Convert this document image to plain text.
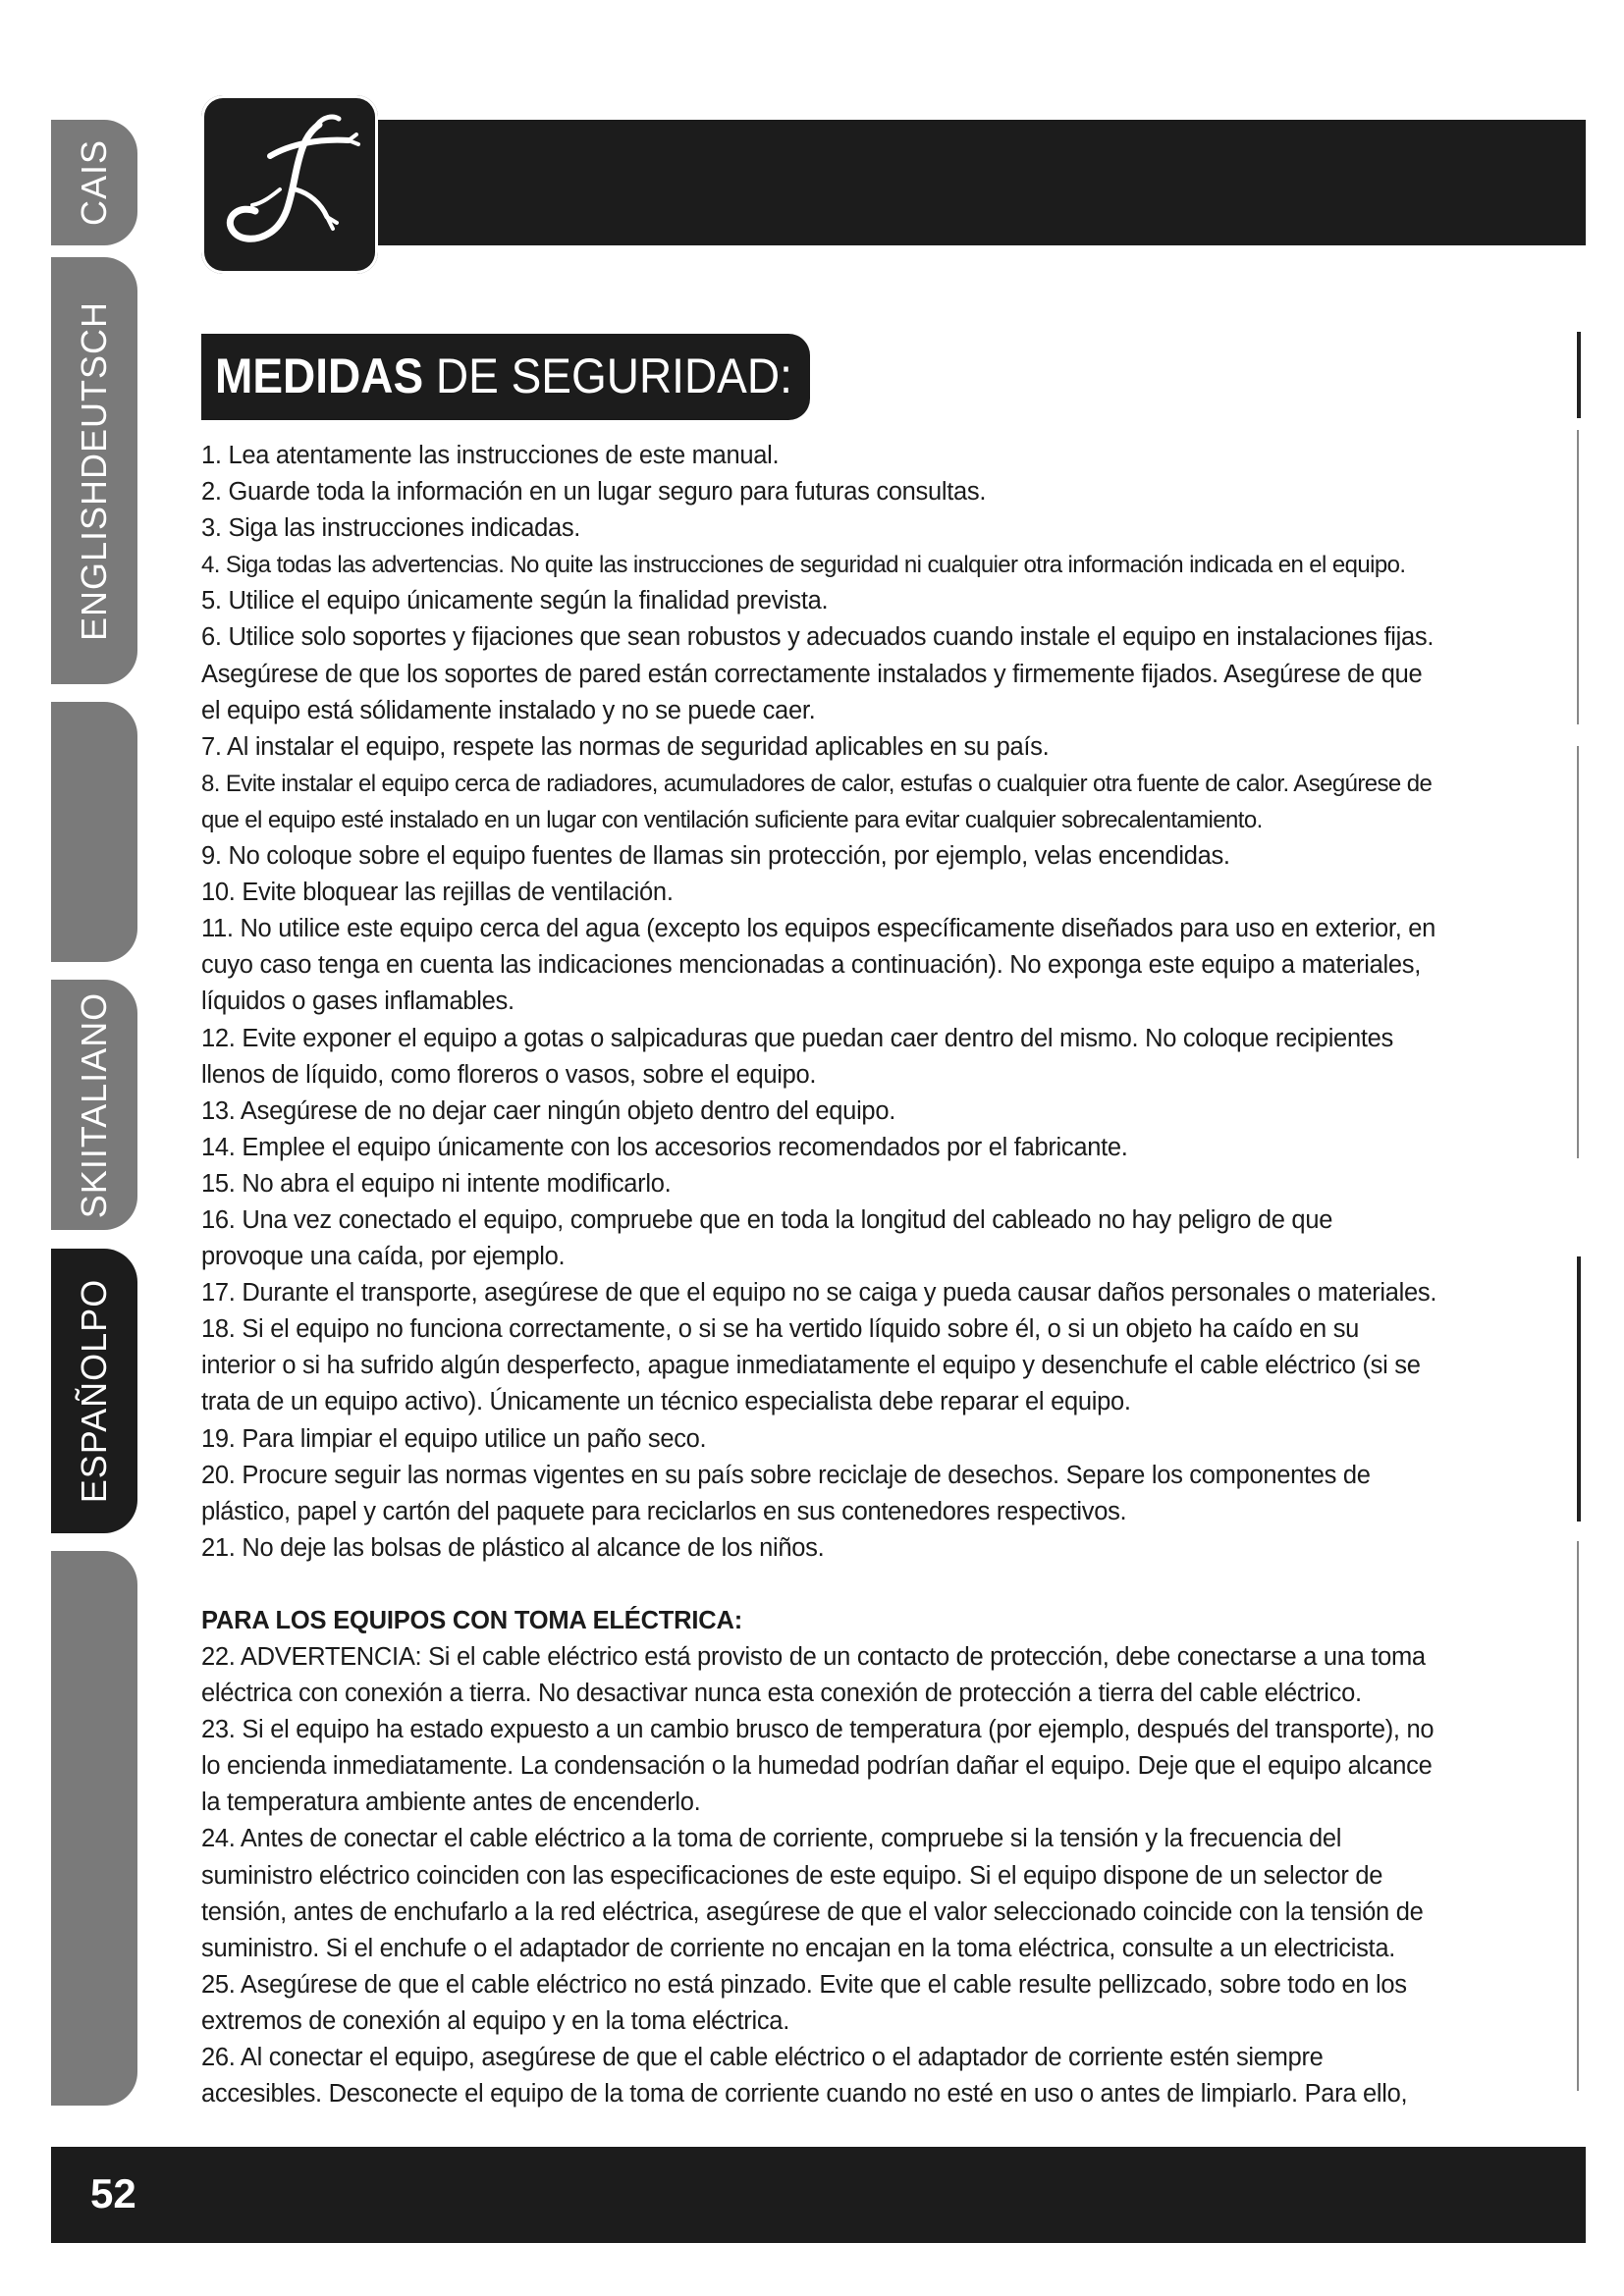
CAIS
ENGLISHDEUTSCH
SKIITALIANO
ESPAÑOLPO
MEDIDAS DE SEGURIDAD:

1. Lea atentamente las instrucciones de este manual.

2. Guarde toda la información en un lugar seguro para futuras consultas.

3. Siga las instrucciones indicadas.

4. Siga todas las advertencias. No quite las instrucciones de seguridad ni cualquier otra información indicada en el equipo.

5. Utilice el equipo únicamente según la finalidad prevista.

6. Utilice solo soportes y fijaciones que sean robustos y adecuados cuando instale el equipo en instalaciones fijas. Asegúrese de que los soportes de pared están correctamente instalados y firmemente fijados. Asegúrese de que el equipo está sólidamente instalado y no se puede caer.

7. Al instalar el equipo, respete las normas de seguridad aplicables en su país.

8. Evite instalar el equipo cerca de radiadores, acumuladores de calor, estufas o cualquier otra fuente de calor. Asegúrese de que el equipo esté instalado en un lugar con ventilación suficiente para evitar cualquier sobrecalentamiento.

9. No coloque sobre el equipo fuentes de llamas sin protección, por ejemplo, velas encendidas.

10. Evite bloquear las rejillas de ventilación.

11. No utilice este equipo cerca del agua (excepto los equipos específicamente diseñados para uso en exterior, en cuyo caso tenga en cuenta las indicaciones mencionadas a continuación). No exponga este equipo a materiales, líquidos o gases inflamables.

12. Evite exponer el equipo a gotas o salpicaduras que puedan caer dentro del mismo. No coloque recipientes llenos de líquido, como floreros o vasos, sobre el equipo.

13. Asegúrese de no dejar caer ningún objeto dentro del equipo.

14. Emplee el equipo únicamente con los accesorios recomendados por el fabricante.

15. No abra el equipo ni intente modificarlo.

16. Una vez conectado el equipo, compruebe que en toda la longitud del cableado no hay peligro de que provoque una caída, por ejemplo.

17. Durante el transporte, asegúrese de que el equipo no se caiga y pueda causar daños personales o materiales.

18. Si el equipo no funciona correctamente, o si se ha vertido líquido sobre él, o si un objeto ha caído en su interior o si ha sufrido algún desperfecto, apague inmediatamente el equipo y desenchufe el cable eléctrico (si se trata de un equipo activo). Únicamente un técnico especialista debe reparar el equipo.

19. Para limpiar el equipo utilice un paño seco.

20. Procure seguir las normas vigentes en su país sobre reciclaje de desechos. Separe los componentes de plástico, papel y cartón del paquete para reciclarlos en sus contenedores respectivos.

21. No deje las bolsas de plástico al alcance de los niños.

PARA LOS EQUIPOS CON TOMA ELÉCTRICA:

22. ADVERTENCIA: Si el cable eléctrico está provisto de un contacto de protección, debe conectarse a una toma eléctrica con conexión a tierra. No desactivar nunca esta conexión de protección a tierra del cable eléctrico.

23. Si el equipo ha estado expuesto a un cambio brusco de temperatura (por ejemplo, después del transporte), no lo encienda inmediatamente. La condensación o la humedad podrían dañar el equipo. Deje que el equipo alcance la temperatura ambiente antes de encenderlo.

24. Antes de conectar el cable eléctrico a la toma de corriente, compruebe si la tensión y la frecuencia del suministro eléctrico coinciden con las especificaciones de este equipo. Si el equipo dispone de un selector de tensión, antes de enchufarlo a la red eléctrica, asegúrese de que el valor seleccionado coincide con la tensión de suministro. Si el enchufe o el adaptador de corriente no encajan en la toma eléctrica, consulte a un electricista.

25. Asegúrese de que el cable eléctrico no está pinzado. Evite que el cable resulte pellizcado, sobre todo en los extremos de conexión al equipo y en la toma eléctrica.

26. Al conectar el equipo, asegúrese de que el cable eléctrico o el adaptador de corriente estén siempre accesibles. Desconecte el equipo de la toma de corriente cuando no esté en uso o antes de limpiarlo. Para ello,

52
